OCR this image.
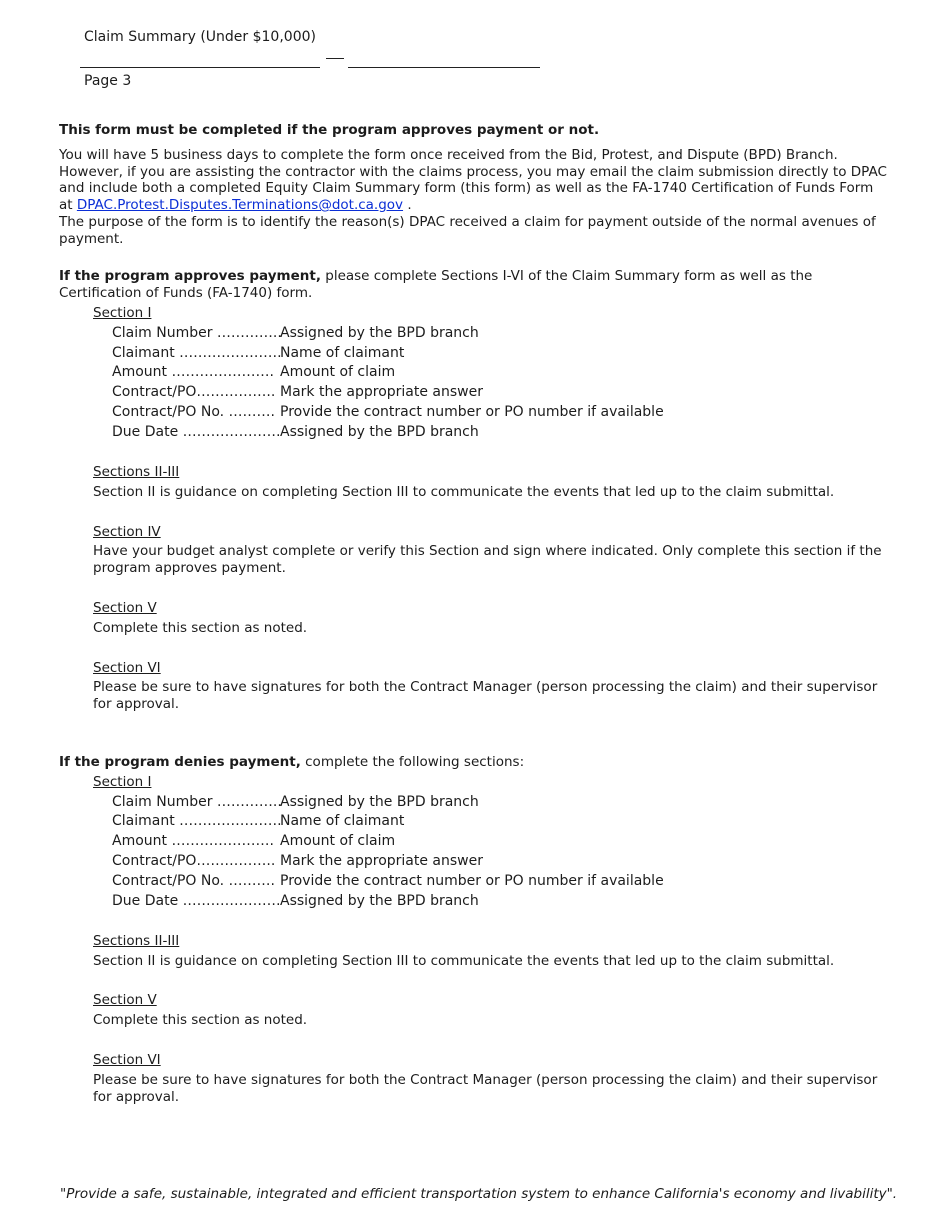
Claim Summary (Under $10,000)
Page 3
This form must be completed if the program approves payment or not.
You will have 5 business days to complete the form once received from the Bid, Protest, and Dispute (BPD) Branch. However, if you are assisting the contractor with the claims process, you may email the claim submission directly to DPAC and include both a completed Equity Claim Summary form (this form) as well as the FA-1740 Certification of Funds Form at DPAC.Protest.Disputes.Terminations@dot.ca.gov .
The purpose of the form is to identify the reason(s) DPAC received a claim for payment outside of the normal avenues of payment.
If the program approves payment, please complete Sections I-VI of the Claim Summary form as well as the Certification of Funds (FA-1740) form.
Section I
Claim Number …………..
Assigned by the BPD branch
Claimant ………………….
Name of claimant
Amount …………………. Amount of claim
Contract/PO…………….. Mark the appropriate answer
Contract/PO No. ………. Provide the contract number or PO number if available
Due Date ………………… Assigned by the BPD branch
Sections II-III
Section II is guidance on completing Section III to communicate the events that led up to the claim submittal.
Section IV
Have your budget analyst complete or verify this Section and sign where indicated. Only complete this section if the program approves payment.
Section V
Complete this section as noted.
Section VI
Please be sure to have signatures for both the Contract Manager (person processing the claim) and their supervisor for approval.
If the program denies payment, complete the following sections:
Section I
Claim Number …………..
Assigned by the BPD branch
Claimant ………………….
Name of claimant
Amount …………………. Amount of claim
Contract/PO…………….. Mark the appropriate answer
Contract/PO No. ………. Provide the contract number or PO number if available
Due Date ………………… Assigned by the BPD branch
Sections II-III
Section II is guidance on completing Section III to communicate the events that led up to the claim submittal.
Section V
Complete this section as noted.
Section VI
Please be sure to have signatures for both the Contract Manager (person processing the claim) and their supervisor for approval.
"Provide a safe, sustainable, integrated and efficient transportation system to enhance California's economy and livability".
